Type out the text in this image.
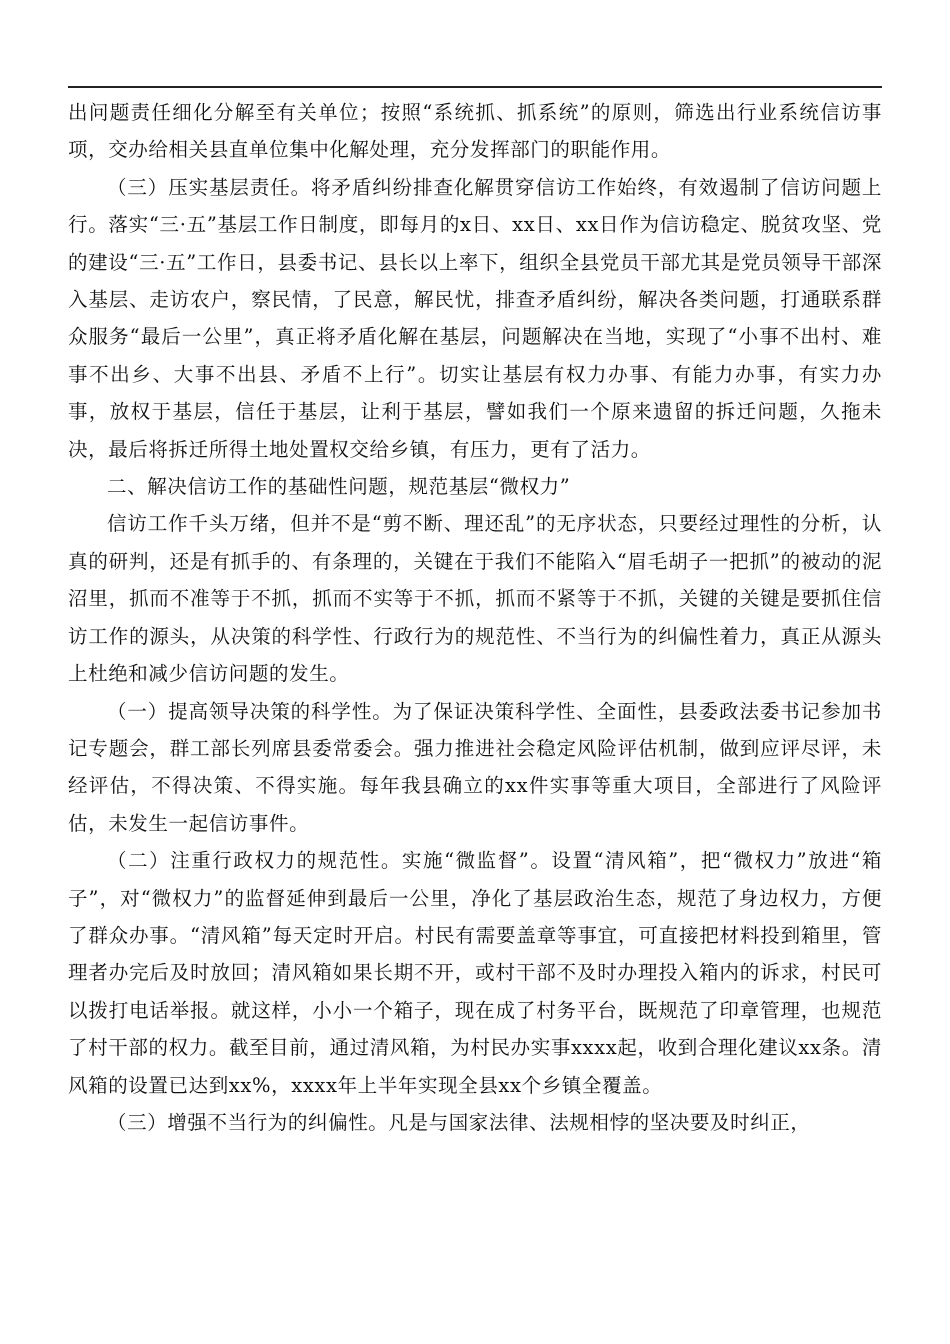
出问题责任细化分解至有关单位；按照“系统抓、抓系统”的原则，筛选出行业系统信访事项，交办给相关县直单位集中化解处理，充分发挥部门的职能作用。

（三）压实基层责任。将矛盾纠纷排查化解贯穿信访工作始终，有效遏制了信访问题上行。落实“三·五”基层工作日制度，即每月的x日、xx日、xx日作为信访稳定、脱贫攻坚、党的建设“三·五”工作日，县委书记、县长以上率下，组织全县党员干部尤其是党员领导干部深入基层、走访农户，察民情，了民意，解民忧，排查矛盾纠纷，解决各类问题，打通联系群众服务“最后一公里”，真正将矛盾化解在基层，问题解决在当地，实现了“小事不出村、难事不出乡、大事不出县、矛盾不上行”。切实让基层有权力办事、有能力办事，有实力办事，放权于基层，信任于基层，让利于基层，譬如我们一个原来遗留的拆迁问题，久拖未决，最后将拆迁所得土地处置权交给乡镇，有压力，更有了活力。

二、解决信访工作的基础性问题，规范基层“微权力”

信访工作千头万绪，但并不是“剪不断、理还乱”的无序状态，只要经过理性的分析，认真的研判，还是有抓手的、有条理的，关键在于我们不能陷入“眉毛胡子一把抓”的被动的泥沼里，抓而不准等于不抓，抓而不实等于不抓，抓而不紧等于不抓，关键的关键是要抓住信访工作的源头，从决策的科学性、行政行为的规范性、不当行为的纠偏性着力，真正从源头上杜绝和减少信访问题的发生。

（一）提高领导决策的科学性。为了保证决策科学性、全面性，县委政法委书记参加书记专题会，群工部长列席县委常委会。强力推进社会稳定风险评估机制，做到应评尽评，未经评估，不得决策、不得实施。每年我县确立的xx件实事等重大项目，全部进行了风险评估，未发生一起信访事件。

（二）注重行政权力的规范性。实施“微监督”。设置“清风箱”，把“微权力”放进“箱子”，对“微权力”的监督延伸到最后一公里，净化了基层政治生态，规范了身边权力，方便了群众办事。“清风箱”每天定时开启。村民有需要盖章等事宜，可直接把材料投到箱里，管理者办完后及时放回；清风箱如果长期不开，或村干部不及时办理投入箱内的诉求，村民可以拨打电话举报。就这样，小小一个箱子，现在成了村务平台，既规范了印章管理，也规范了村干部的权力。截至目前，通过清风箱，为村民办实事xxxx起，收到合理化建议xx条。清风箱的设置已达到xx%，xxxx年上半年实现全县xx个乡镇全覆盖。

（三）增强不当行为的纠偏性。凡是与国家法律、法规相悖的坚决要及时纠正，
